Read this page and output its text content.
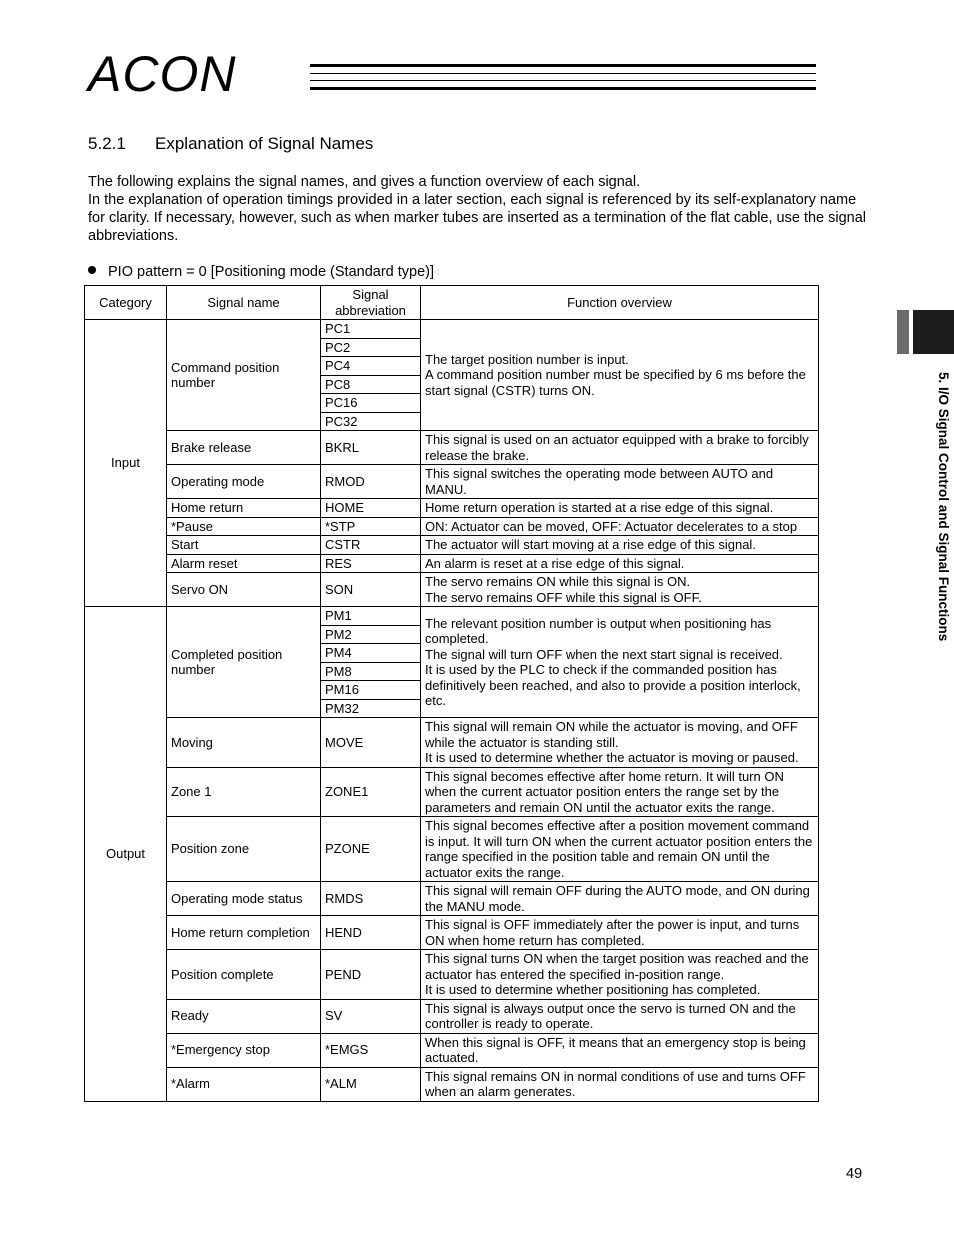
ACON
5.2.1 Explanation of Signal Names

The following explains the signal names, and gives a function overview of each signal.

In the explanation of operation timings provided in a later section, each signal is referenced by its self-explanatory name for clarity. If necessary, however, such as when marker tubes are inserted as a termination of the flat cable, use the signal abbreviations.

PIO pattern = 0 [Positioning mode (Standard type)]
Category	Signal name	Signal abbreviation	Function overview
Input	Command position number	PC1	The target position number is input.
A command position number must be specified by 6 ms before the start signal (CSTR) turns ON.
		PC2	
		PC4	
		PC8	
		PC16	
		PC32	
	Brake release	BKRL	This signal is used on an actuator equipped with a brake to forcibly release the brake.
	Operating mode	RMOD	This signal switches the operating mode between AUTO and MANU.
	Home return	HOME	Home return operation is started at a rise edge of this signal.
	*Pause	*STP	ON: Actuator can be moved, OFF: Actuator decelerates to a stop
	Start	CSTR	The actuator will start moving at a rise edge of this signal.
	Alarm reset	RES	An alarm is reset at a rise edge of this signal.
	Servo ON	SON	The servo remains ON while this signal is ON.
The servo remains OFF while this signal is OFF.
Output	Completed position number	PM1	The relevant position number is output when positioning has completed.
The signal will turn OFF when the next start signal is received.
It is used by the PLC to check if the commanded position has definitively been reached, and also to provide a position interlock, etc.
		PM2	
		PM4	
		PM8	
		PM16	
		PM32	
	Moving	MOVE	This signal will remain ON while the actuator is moving, and OFF while the actuator is standing still.
It is used to determine whether the actuator is moving or paused.
	Zone 1	ZONE1	This signal becomes effective after home return. It will turn ON when the current actuator position enters the range set by the parameters and remain ON until the actuator exits the range.
	Position zone	PZONE	This signal becomes effective after a position movement command is input. It will turn ON when the current actuator position enters the range specified in the position table and remain ON until the actuator exits the range.
	Operating mode status	RMDS	This signal will remain OFF during the AUTO mode, and ON during the MANU mode.
	Home return completion	HEND	This signal is OFF immediately after the power is input, and turns ON when home return has completed.
	Position complete	PEND	This signal turns ON when the target position was reached and the actuator has entered the specified in-position range.
It is used to determine whether positioning has completed.
	Ready	SV	This signal is always output once the servo is turned ON and the controller is ready to operate.
	*Emergency stop	*EMGS	When this signal is OFF, it means that an emergency stop is being actuated.
	*Alarm	*ALM	This signal remains ON in normal conditions of use and turns OFF when an alarm generates.
5. I/O Signal Control and Signal Functions
49
